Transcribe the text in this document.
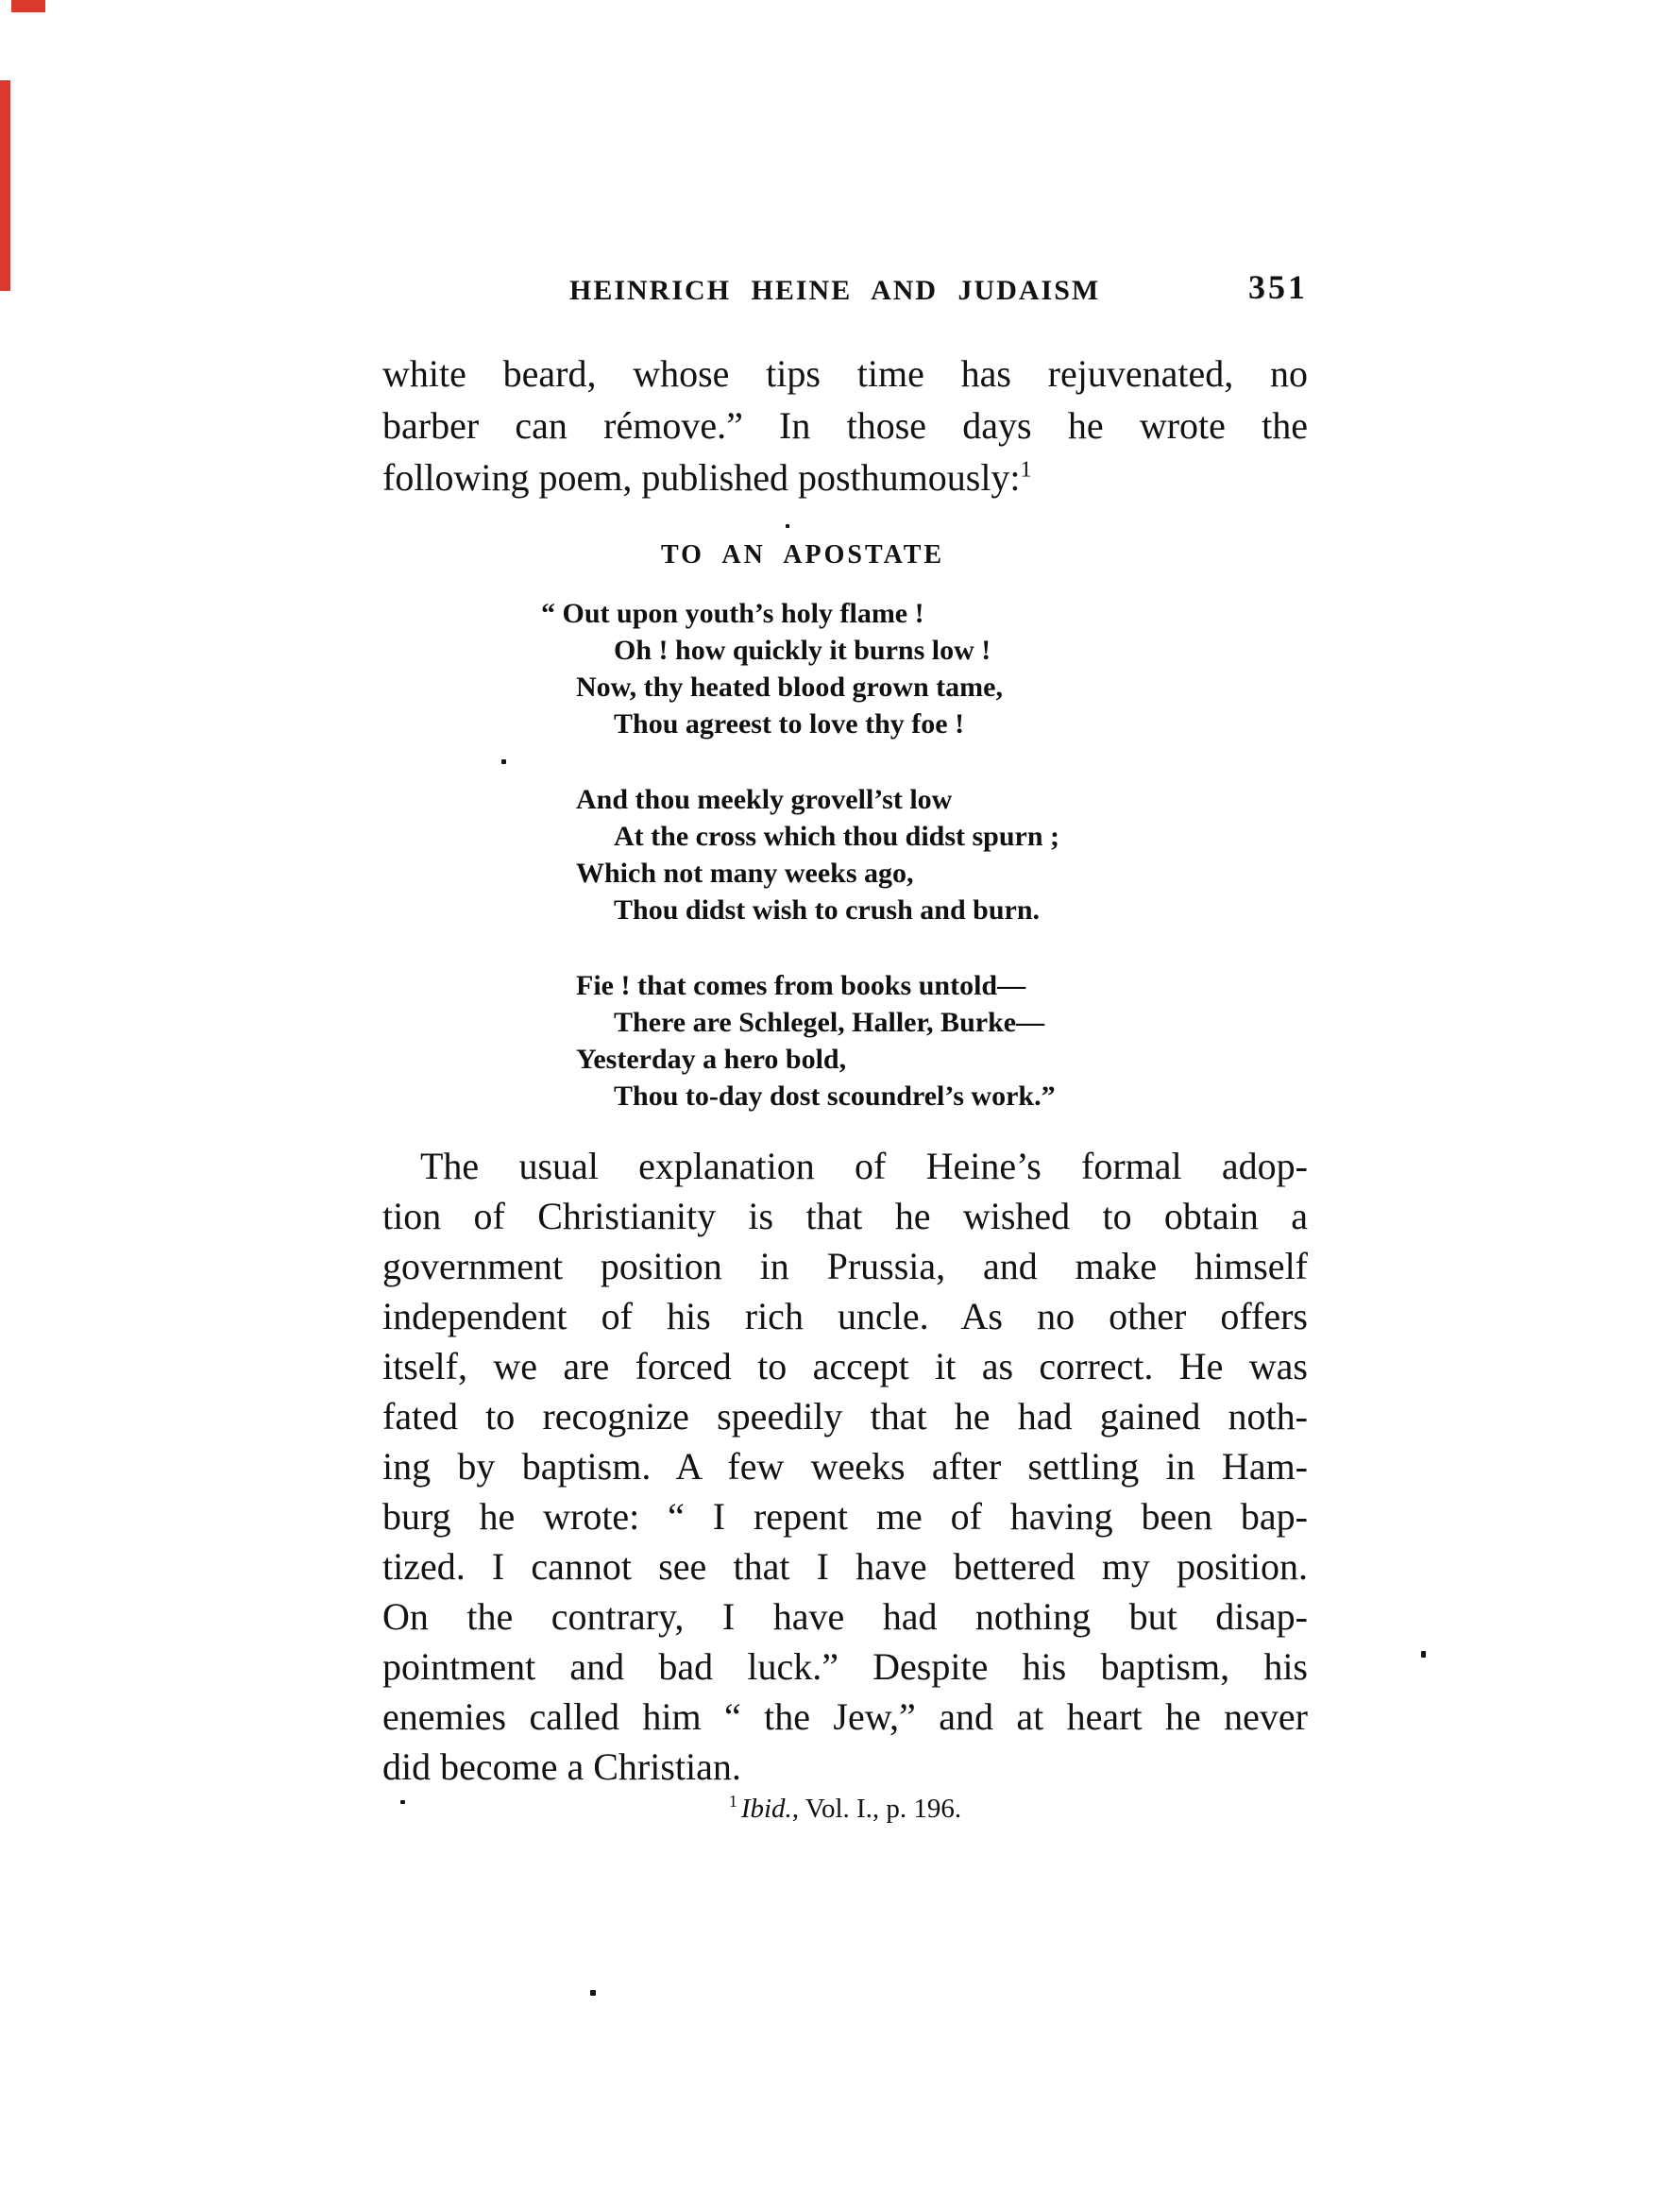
HEINRICH HEINE AND JUDAISM	351
white beard, whose tips time has rejuvenated, no
barber can rémove.” In those days he wrote the
following poem, published posthumously:$^1$
TO AN APOSTATE
“ Out upon youth’s holy flame !
Oh ! how quickly it burns low !
Now, thy heated blood grown tame,
Thou agreest to love thy foe !
And thou meekly grovell’st low
At the cross which thou didst spurn ;
Which not many weeks ago,
Thou didst wish to crush and burn.
Fie ! that comes from books untold—
There are Schlegel, Haller, Burke—
Yesterday a hero bold,
Thou to-day dost scoundrel’s work.”
The usual explanation of Heine’s formal adop-
tion of Christianity is that he wished to obtain a
government position in Prussia, and make himself
independent of his rich uncle. As no other offers
itself, we are forced to accept it as correct. He was
fated to recognize speedily that he had gained noth-
ing by baptism. A few weeks after settling in Ham-
burg he wrote: “ I repent me of having been bap-
tized. I cannot see that I have bettered my position.
On the contrary, I have had nothing but disap-
pointment and bad luck.” Despite his baptism, his
enemies called him “ the Jew,” and at heart he never
did become a Christian.
$^1$ Ibid., Vol. I., p. 196.
